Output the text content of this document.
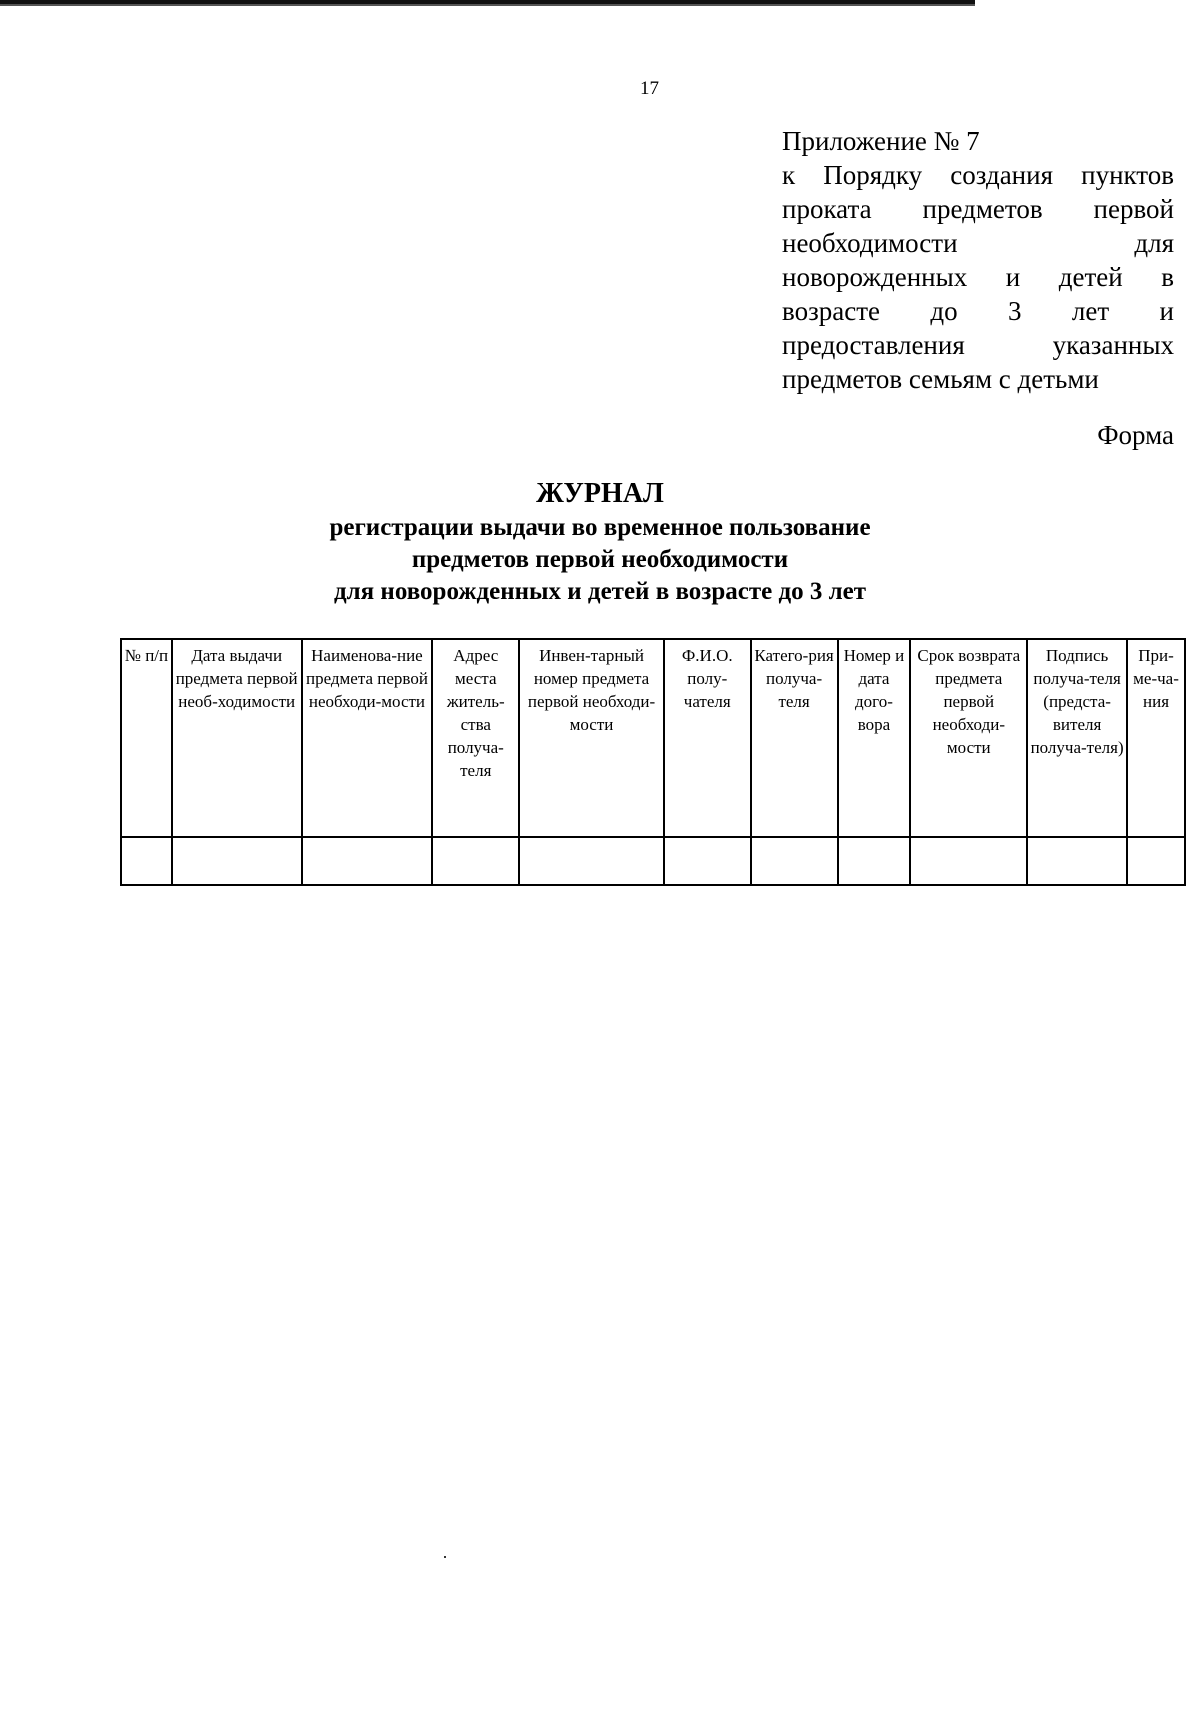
17
Приложение № 7
к Порядку создания пунктов
проката предметов первой
необходимости для
новорожденных и детей в
возрасте до 3 лет и
предоставления указанных
предметов семьям с детьми
Форма
ЖУРНАЛ
регистрации выдачи во временное пользование
предметов первой необходимости
для новорожденных и детей в возрасте до 3 лет
№ п/п	Дата выдачи предмета первой необ-ходимости	Наименова-ние предмета первой необходи-мости	Адрес места житель-ства получа-теля	Инвен-тарный номер предмета первой необходи-мости	Ф.И.О. полу-чателя	Катего-рия получа-теля	Номер и дата дого-вора	Срок возврата предмета первой необходи-мости	Подпись получа-теля (предста-вителя получа-теля)	При-ме-ча-ния
